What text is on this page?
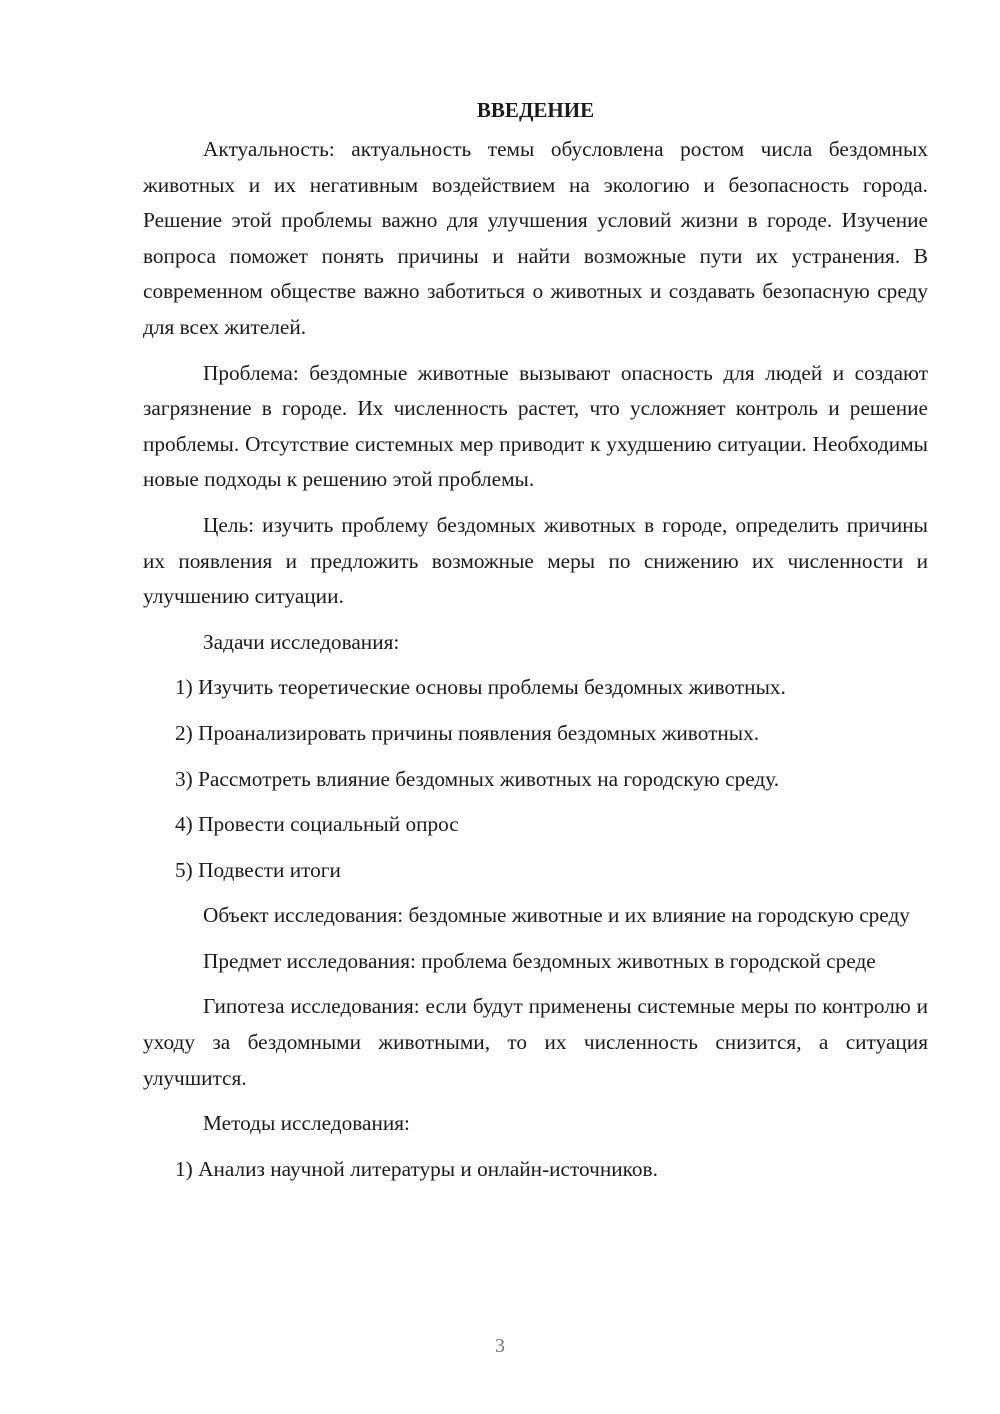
ВВЕДЕНИЕ

Актуальность: актуальность темы обусловлена ростом числа бездомных животных и их негативным воздействием на экологию и безопасность города. Решение этой проблемы важно для улучшения условий жизни в городе. Изучение вопроса поможет понять причины и найти возможные пути их устранения. В современном обществе важно заботиться о животных и создавать безопасную среду для всех жителей.

Проблема: бездомные животные вызывают опасность для людей и создают загрязнение в городе. Их численность растет, что усложняет контроль и решение проблемы. Отсутствие системных мер приводит к ухудшению ситуации. Необходимы новые подходы к решению этой проблемы.

Цель: изучить проблему бездомных животных в городе, определить причины их появления и предложить возможные меры по снижению их численности и улучшению ситуации.

Задачи исследования:

1) Изучить теоретические основы проблемы бездомных животных.

2) Проанализировать причины появления бездомных животных.

3) Рассмотреть влияние бездомных животных на городскую среду.

4) Провести социальный опрос

5) Подвести итоги

Объект исследования: бездомные животные и их влияние на городскую среду

Предмет исследования: проблема бездомных животных в городской среде

Гипотеза исследования: если будут применены системные меры по контролю и уходу за бездомными животными, то их численность снизится, а ситуация улучшится.

Методы исследования:

1) Анализ научной литературы и онлайн-источников.

3
